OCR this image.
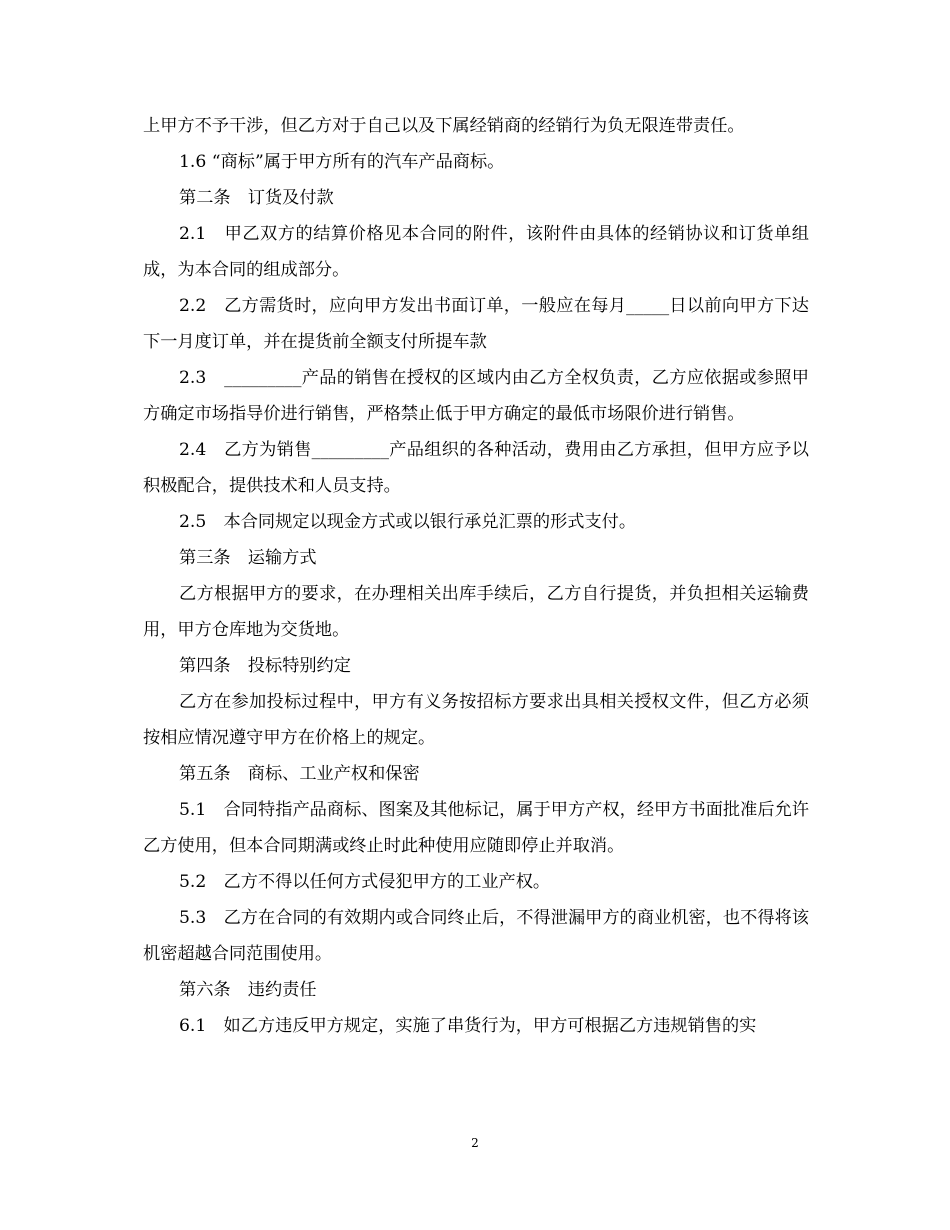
上甲方不予干涉，但乙方对于自己以及下属经销商的经销行为负无限连带责任。

1.6 “商标”属于甲方所有的汽车产品商标。

第二条　订货及付款

2.1　甲乙双方的结算价格见本合同的附件，该附件由具体的经销协议和订货单组成，为本合同的组成部分。

2.2　乙方需货时，应向甲方发出书面订单，一般应在每月_____日以前向甲方下达下一月度订单，并在提货前全额支付所提车款

2.3　_________产品的销售在授权的区域内由乙方全权负责，乙方应依据或参照甲方确定市场指导价进行销售，严格禁止低于甲方确定的最低市场限价进行销售。

2.4　乙方为销售_________产品组织的各种活动，费用由乙方承担，但甲方应予以积极配合，提供技术和人员支持。

2.5　本合同规定以现金方式或以银行承兑汇票的形式支付。

第三条　运输方式

乙方根据甲方的要求，在办理相关出库手续后，乙方自行提货，并负担相关运输费用，甲方仓库地为交货地。

第四条　投标特别约定

乙方在参加投标过程中，甲方有义务按招标方要求出具相关授权文件，但乙方必须按相应情况遵守甲方在价格上的规定。

第五条　商标、工业产权和保密

5.1　合同特指产品商标、图案及其他标记，属于甲方产权，经甲方书面批准后允许乙方使用，但本合同期满或终止时此种使用应随即停止并取消。

5.2　乙方不得以任何方式侵犯甲方的工业产权。

5.3　乙方在合同的有效期内或合同终止后，不得泄漏甲方的商业机密，也不得将该机密超越合同范围使用。

第六条　违约责任

6.1　如乙方违反甲方规定，实施了串货行为，甲方可根据乙方违规销售的实

2
